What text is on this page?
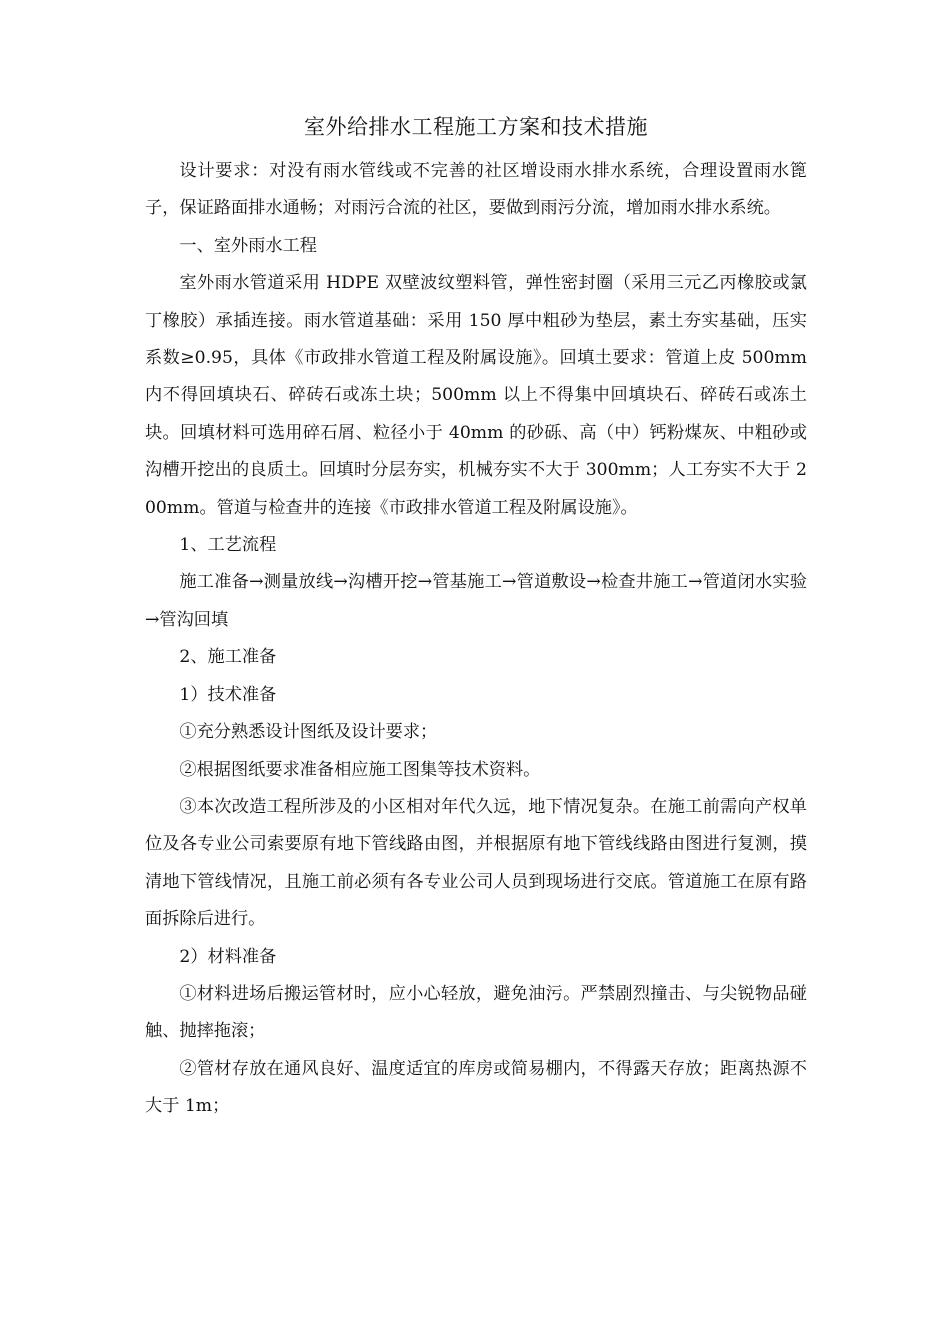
室外给排水工程施工方案和技术措施

设计要求：对没有雨水管线或不完善的社区增设雨水排水系统，合理设置雨水篦子，保证路面排水通畅；对雨污合流的社区，要做到雨污分流，增加雨水排水系统。

一、室外雨水工程

室外雨水管道采用 HDPE 双壁波纹塑料管，弹性密封圈（采用三元乙丙橡胶或氯丁橡胶）承插连接。雨水管道基础：采用 150 厚中粗砂为垫层，素土夯实基础，压实系数≥0.95，具体《市政排水管道工程及附属设施》。回填土要求：管道上皮 500mm 内不得回填块石、碎砖石或冻土块；500mm 以上不得集中回填块石、碎砖石或冻土块。回填材料可选用碎石屑、粒径小于 40mm 的砂砾、高（中）钙粉煤灰、中粗砂或沟槽开挖出的良质土。回填时分层夯实，机械夯实不大于 300mm；人工夯实不大于 200mm。管道与检查井的连接《市政排水管道工程及附属设施》。

1、工艺流程

施工准备→测量放线→沟槽开挖→管基施工→管道敷设→检查井施工→管道闭水实验→管沟回填

2、施工准备

1）技术准备

①充分熟悉设计图纸及设计要求；

②根据图纸要求准备相应施工图集等技术资料。

③本次改造工程所涉及的小区相对年代久远，地下情况复杂。在施工前需向产权单位及各专业公司索要原有地下管线路由图，并根据原有地下管线线路由图进行复测，摸清地下管线情况，且施工前必须有各专业公司人员到现场进行交底。管道施工在原有路面拆除后进行。

2）材料准备

①材料进场后搬运管材时，应小心轻放，避免油污。严禁剧烈撞击、与尖锐物品碰触、抛摔拖滚；

②管材存放在通风良好、温度适宜的库房或简易棚内，不得露天存放；距离热源不大于 1m；
